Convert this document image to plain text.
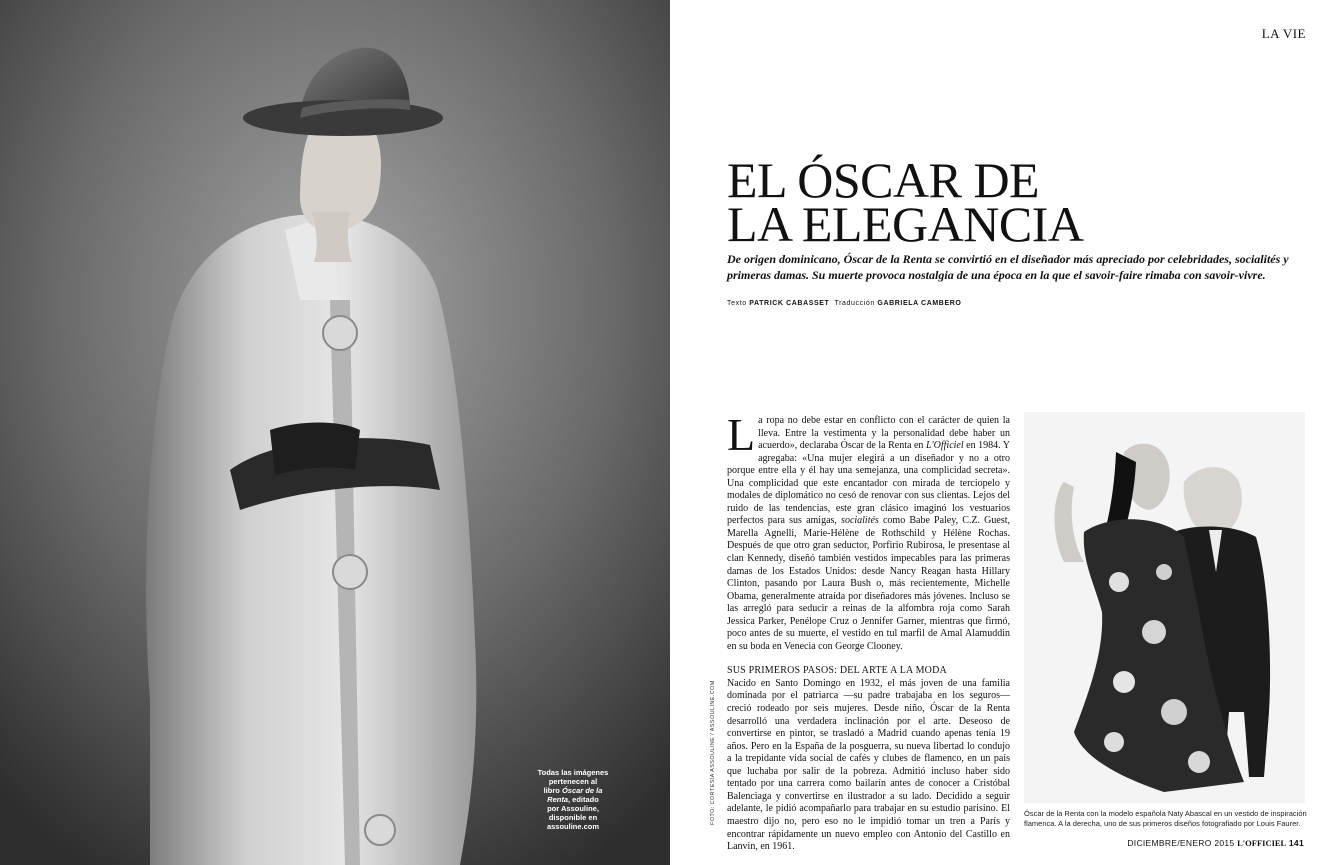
Todas las imágenes
pertenecen al
libro Óscar de la
Renta, editado
por Assouline,
disponible en
assouline.com
LA VIE
EL ÓSCAR DE
LA ELEGANCIA
De origen dominicano, Óscar de la Renta se convirtió en el diseñador más apreciado por celebridades, socialités y primeras damas. Su muerte provoca nostalgia de una época en la que el savoir-faire rimaba con savoir-vivre.
Texto PATRICK CABASSET Traducción GABRIELA CAMBERO

La ropa no debe estar en conflicto con el carácter de quien la lleva. Entre la vestimenta y la personalidad debe haber un acuerdo», declaraba Óscar de la Renta en L'Officiel en 1984. Y agregaba: «Una mujer elegirá a un diseñador y no a otro porque entre ella y él hay una semejanza, una complicidad secreta». Una complicidad que este encantador con mirada de terciopelo y modales de diplomático no cesó de renovar con sus clientas. Lejos del ruido de las tendencias, este gran clásico imaginó los vestuarios perfectos para sus amigas, socialités como Babe Paley, C.Z. Guest, Marella Agnelli, Marie-Hélène de Rothschild y Hélène Rochas. Después de que otro gran seductor, Porfirio Rubirosa, le presentase al clan Kennedy, diseñó también vestidos impecables para las primeras damas de los Estados Unidos: desde Nancy Reagan hasta Hillary Clinton, pasando por Laura Bush o, más recientemente, Michelle Obama, generalmente atraída por diseñadores más jóvenes. Incluso se las arregló para seducir a reinas de la alfombra roja como Sarah Jessica Parker, Penélope Cruz o Jennifer Garner, mientras que firmó, poco antes de su muerte, el vestido en tul marfil de Amal Alamuddin en su boda en Venecia con George Clooney.

SUS PRIMEROS PASOS: DEL ARTE A LA MODA

Nacido en Santo Domingo en 1932, el más joven de una familia dominada por el patriarca —su padre trabajaba en los seguros— creció rodeado por seis mujeres. Desde niño, Óscar de la Renta desarrolló una verdadera inclinación por el arte. Deseoso de convertirse en pintor, se trasladó a Madrid cuando apenas tenía 19 años. Pero en la España de la posguerra, su nueva libertad lo condujo a la trepidante vida social de cafés y clubes de flamenco, en un país que luchaba por salir de la pobreza. Admitió incluso haber sido tentado por una carrera como bailarín antes de conocer a Cristóbal Balenciaga y convertirse en ilustrador a su lado. Decidido a seguir adelante, le pidió acompañarlo para trabajar en su estudio parisino. El maestro dijo no, pero eso no le impidió tomar un tren a París y encontrar rápidamente un nuevo empleo con Antonio del Castillo en Lanvin, en 1961.

FOTO: CORTESÍA ASSOULINE / ASSOULINE.COM	Óscar de la Renta con la modelo española Naty Abascal en un vestido de inspiración flamenca. A la derecha, uno de sus primeros diseños fotografiado por Louis Faurer.
DICIEMBRE/ENERO 2015 L'OFFICIEL 141
